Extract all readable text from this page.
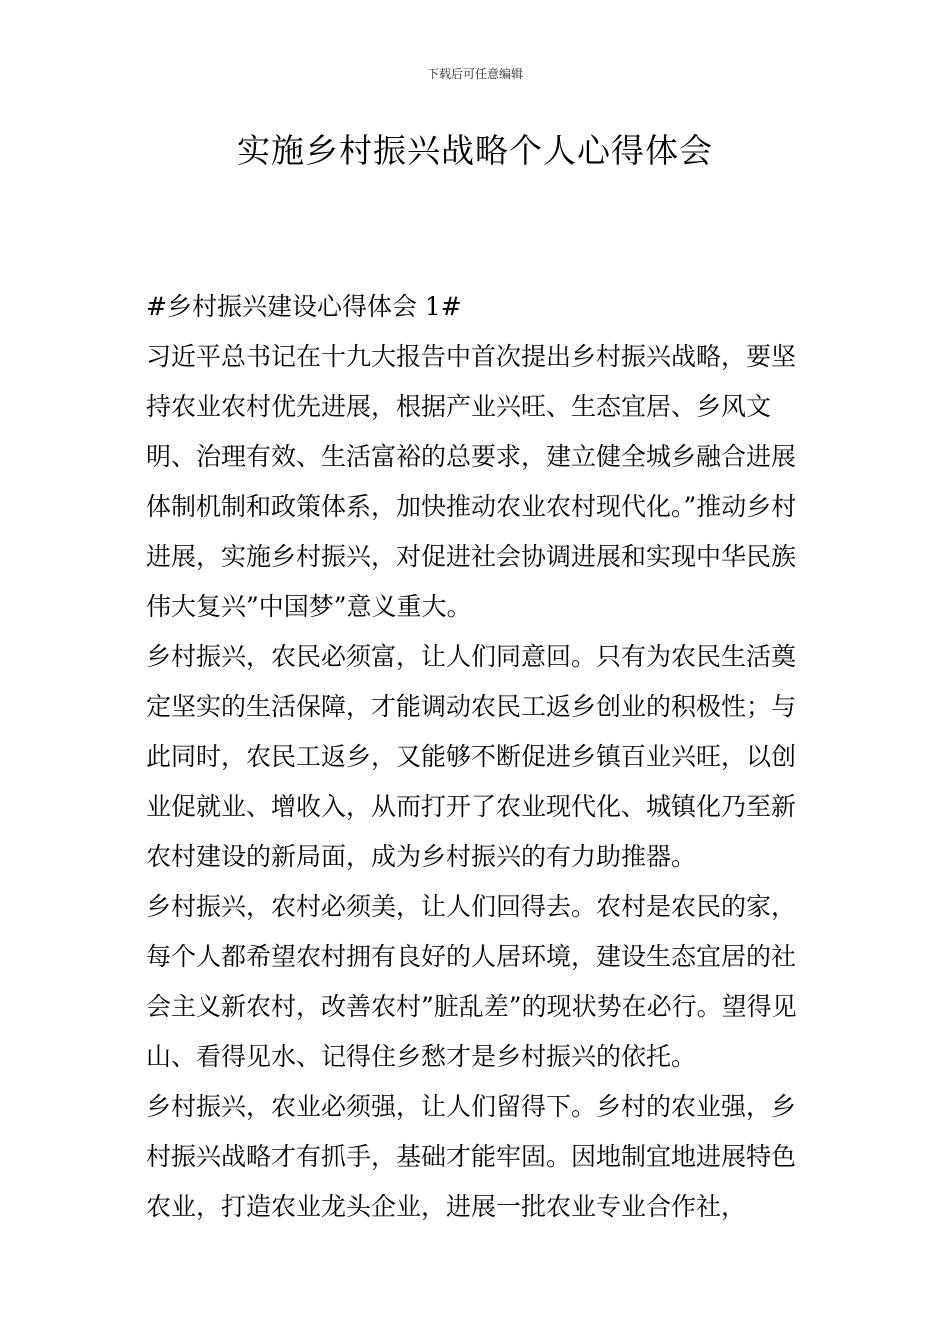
下载后可任意编辑
实施乡村振兴战略个人心得体会

#乡村振兴建设心得体会 1#

习近平总书记在十九大报告中首次提出乡村振兴战略，要坚持农业农村优先进展，根据产业兴旺、生态宜居、乡风文明、治理有效、生活富裕的总要求，建立健全城乡融合进展体制机制和政策体系，加快推动农业农村现代化。”推动乡村进展，实施乡村振兴，对促进社会协调进展和实现中华民族伟大复兴”中国梦”意义重大。

乡村振兴，农民必须富，让人们同意回。只有为农民生活奠定坚实的生活保障，才能调动农民工返乡创业的积极性；与此同时，农民工返乡，又能够不断促进乡镇百业兴旺，以创业促就业、增收入，从而打开了农业现代化、城镇化乃至新农村建设的新局面，成为乡村振兴的有力助推器。

乡村振兴，农村必须美，让人们回得去。农村是农民的家，每个人都希望农村拥有良好的人居环境，建设生态宜居的社会主义新农村，改善农村”脏乱差”的现状势在必行。望得见山、看得见水、记得住乡愁才是乡村振兴的依托。

乡村振兴，农业必须强，让人们留得下。乡村的农业强，乡村振兴战略才有抓手，基础才能牢固。因地制宜地进展特色农业，打造农业龙头企业，进展一批农业专业合作社，
